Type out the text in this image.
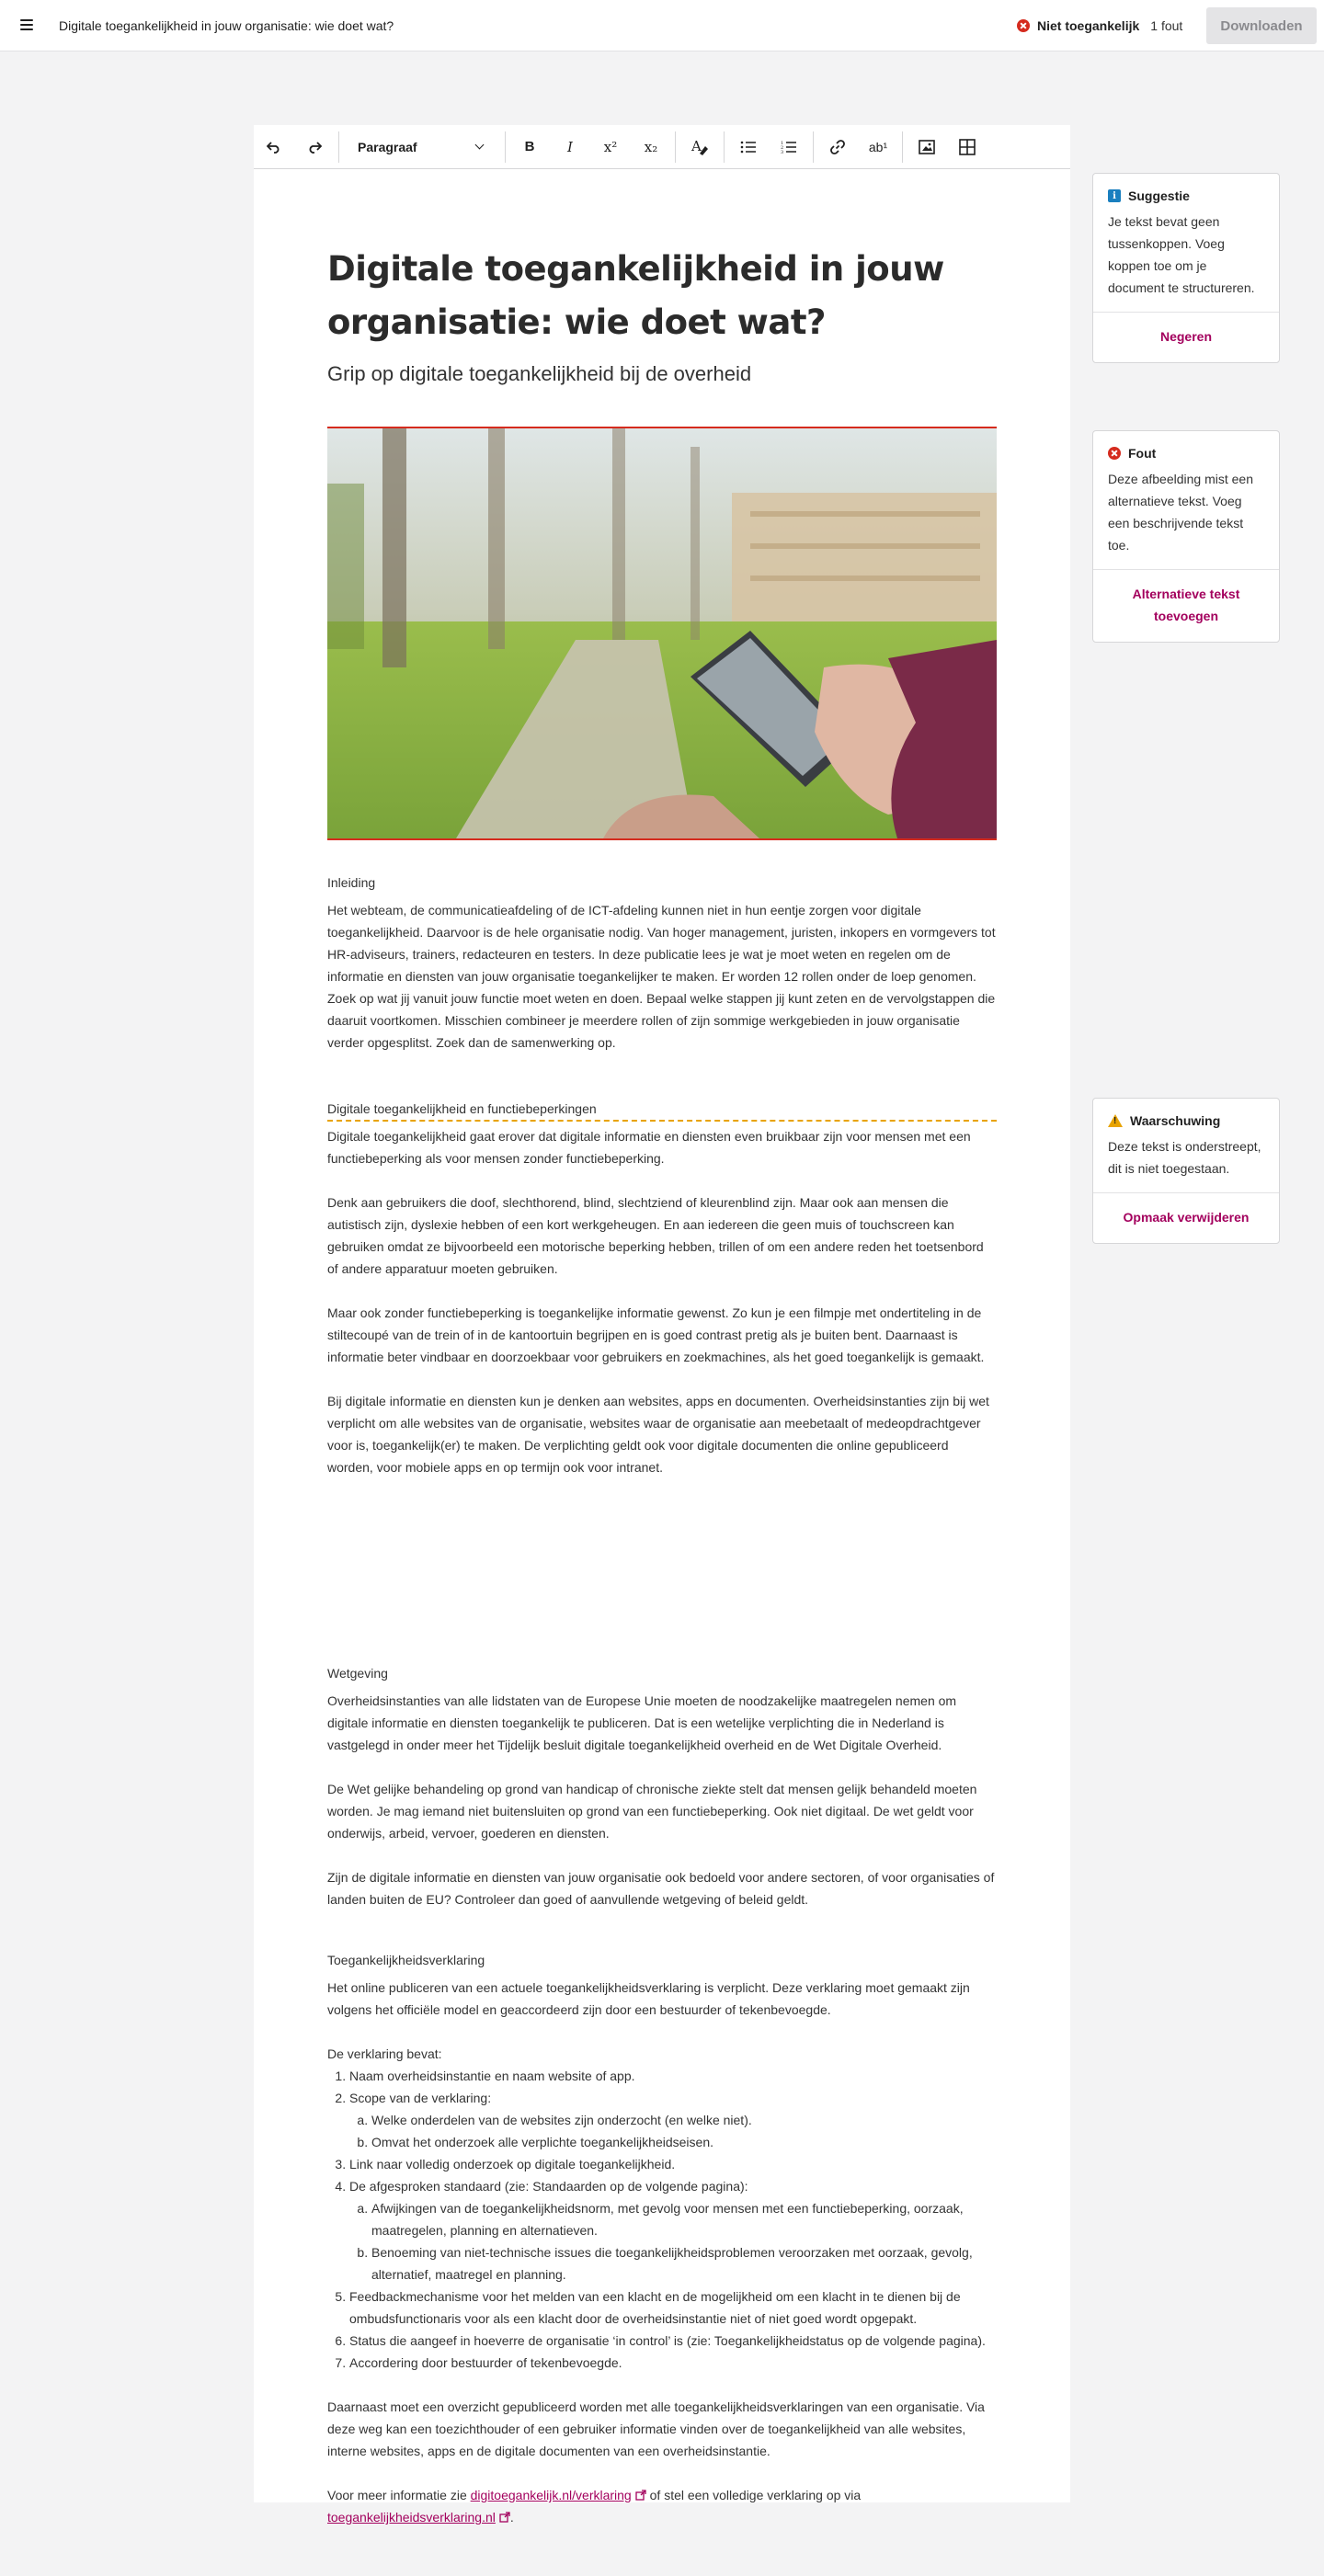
Digitale toegankelijkheid in jouw organisatie: wie doet wat?	Niet toegankelijk 1 fout	Downloaden
Paragraaf	B	I	x²	x₂	A	1
2
3	ab¹
Digitale toegankelijkheid in jouw organisatie: wie doet wat?
Grip op digitale toegankelijkheid bij de overheid
Inleiding

Het webteam, de communicatieafdeling of de ICT-afdeling kunnen niet in hun eentje zorgen voor digitale toegankelijkheid. Daarvoor is de hele organisatie nodig. Van hoger management, juristen, inkopers en vormgevers tot HR-adviseurs, trainers, redacteuren en testers. In deze publicatie lees je wat je moet weten en regelen om de informatie en diensten van jouw organisatie toegankelijker te maken. Er worden 12 rollen onder de loep genomen. Zoek op wat jij vanuit jouw functie moet weten en doen. Bepaal welke stappen jij kunt zeten en de vervolgstappen die daaruit voortkomen. Misschien combineer je meerdere rollen of zijn sommige werkgebieden in jouw organisatie verder opgesplitst. Zoek dan de samenwerking op.

Digitale toegankelijkheid en functiebeperkingen

Digitale toegankelijkheid gaat erover dat digitale informatie en diensten even bruikbaar zijn voor mensen met een functiebeperking als voor mensen zonder functiebeperking.

Denk aan gebruikers die doof, slechthorend, blind, slechtziend of kleurenblind zijn. Maar ook aan mensen die autistisch zijn, dyslexie hebben of een kort werkgeheugen. En aan iedereen die geen muis of touchscreen kan gebruiken omdat ze bijvoorbeeld een motorische beperking hebben, trillen of om een andere reden het toetsenbord of andere apparatuur moeten gebruiken.

Maar ook zonder functiebeperking is toegankelijke informatie gewenst. Zo kun je een filmpje met ondertiteling in de stiltecoupé van de trein of in de kantoortuin begrijpen en is goed contrast pretig als je buiten bent. Daarnaast is informatie beter vindbaar en doorzoekbaar voor gebruikers en zoekmachines, als het goed toegankelijk is gemaakt.

Bij digitale informatie en diensten kun je denken aan websites, apps en documenten. Overheidsinstanties zijn bij wet verplicht om alle websites van de organisatie, websites waar de organisatie aan meebetaalt of medeopdrachtgever voor is, toegankelijk(er) te maken. De verplichting geldt ook voor digitale documenten die online gepubliceerd worden, voor mobiele apps en op termijn ook voor intranet.

Wetgeving

Overheidsinstanties van alle lidstaten van de Europese Unie moeten de noodzakelijke maatregelen nemen om digitale informatie en diensten toegankelijk te publiceren. Dat is een wetelijke verplichting die in Nederland is vastgelegd in onder meer het Tijdelijk besluit digitale toegankelijkheid overheid en de Wet Digitale Overheid.

De Wet gelijke behandeling op grond van handicap of chronische ziekte stelt dat mensen gelijk behandeld moeten worden. Je mag iemand niet buitensluiten op grond van een functiebeperking. Ook niet digitaal. De wet geldt voor onderwijs, arbeid, vervoer, goederen en diensten.

Zijn de digitale informatie en diensten van jouw organisatie ook bedoeld voor andere sectoren, of voor organisaties of landen buiten de EU? Controleer dan goed of aanvullende wetgeving of beleid geldt.

Toegankelijkheidsverklaring

Het online publiceren van een actuele toegankelijkheidsverklaring is verplicht. Deze verklaring moet gemaakt zijn volgens het officiële model en geaccordeerd zijn door een bestuurder of tekenbevoegde.

De verklaring bevat:

1. Naam overheidsinstantie en naam website of app.
2. Scope van de verklaring:
a. Welke onderdelen van de websites zijn onderzocht (en welke niet).
b. Omvat het onderzoek alle verplichte toegankelijkheidseisen.
3. Link naar volledig onderzoek op digitale toegankelijkheid.
4. De afgesproken standaard (zie: Standaarden op de volgende pagina):
a. Afwijkingen van de toegankelijkheidsnorm, met gevolg voor mensen met een functiebeperking, oorzaak, maatregelen, planning en alternatieven.
b. Benoeming van niet-technische issues die toegankelijkheidsproblemen veroorzaken met oorzaak, gevolg, alternatief, maatregel en planning.
5. Feedbackmechanisme voor het melden van een klacht en de mogelijkheid om een klacht in te dienen bij de ombudsfunctionaris voor als een klacht door de overheidsinstantie niet of niet goed wordt opgepakt.
6. Status die aangeef in hoeverre de organisatie ‘in control’ is (zie: Toegankelijkheidstatus op de volgende pagina).
7. Accordering door bestuurder of tekenbevoegde.

Daarnaast moet een overzicht gepubliceerd worden met alle toegankelijkheidsverklaringen van een organisatie. Via deze weg kan een toezichthouder of een gebruiker informatie vinden over de toegankelijkheid van alle websites, interne websites, apps en de digitale documenten van een overheidsinstantie.

Voor meer informatie zie digitoegankelijk.nl/verklaring of stel een volledige verklaring op via toegankelijkheidsverklaring.nl .

i Suggestie
Je tekst bevat geen tussenkoppen. Voeg koppen toe om je document te structureren.
Negeren
Fout
Deze afbeelding mist een alternatieve tekst. Voeg een beschrijvende tekst toe.
Alternatieve tekst toevoegen
!
Waarschuwing
Deze tekst is onderstreept, dit is niet toegestaan.
Opmaak verwijderen
